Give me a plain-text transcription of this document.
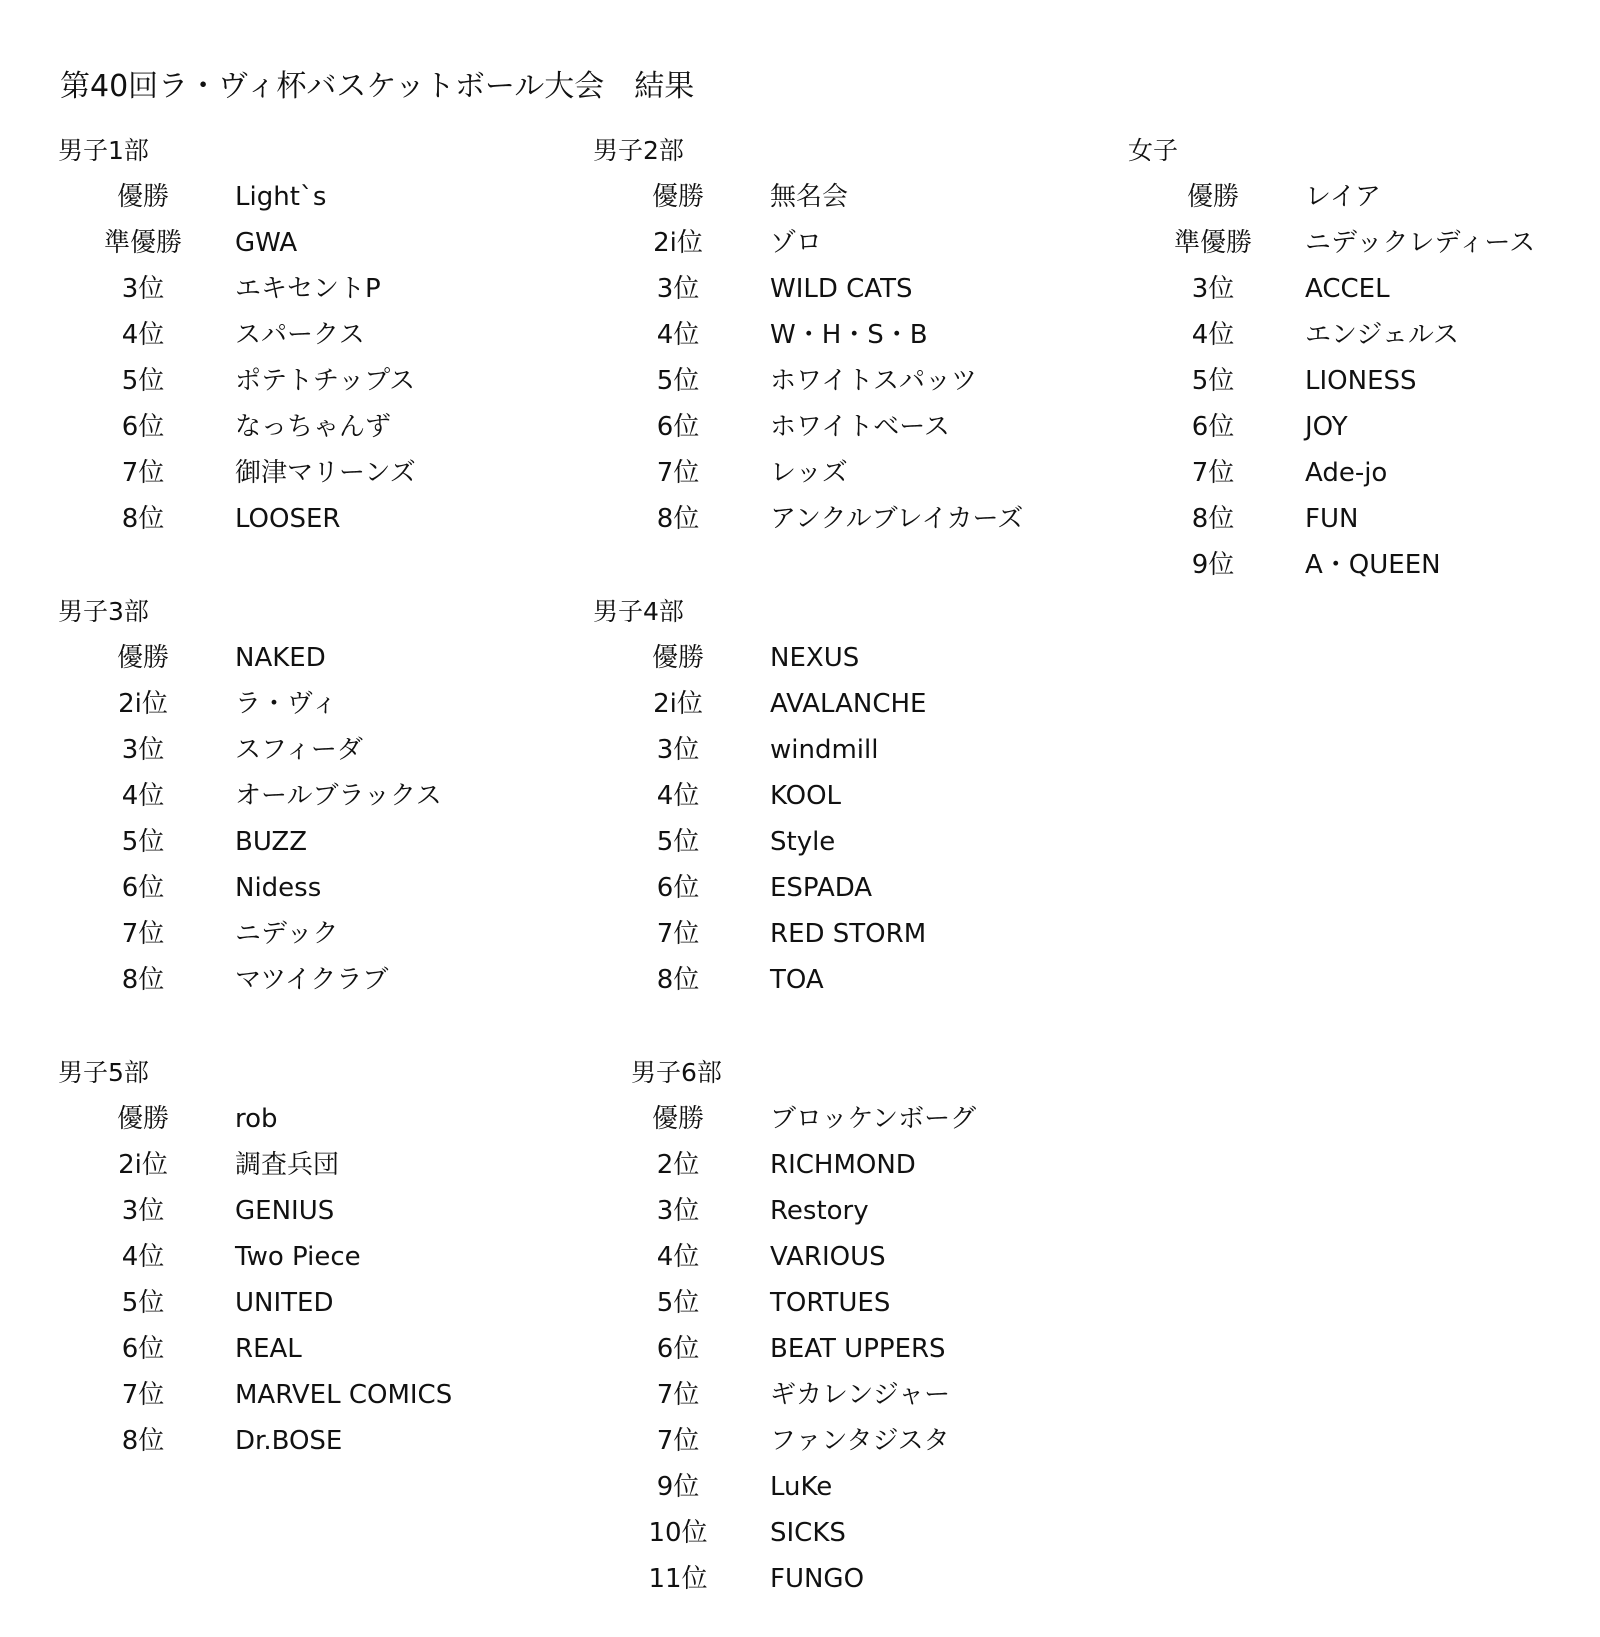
第40回ラ・ヴィ杯バスケットボール大会　結果
男子1部
優勝	Light`s
準優勝	GWA
3位	エキセントP
4位	スパークス
5位	ポテトチップス
6位	なっちゃんず
7位	御津マリーンズ
8位	LOOSER
男子2部
優勝	無名会
2i位	ゾロ
3位	WILD CATS
4位	W・H・S・B
5位	ホワイトスパッツ
6位	ホワイトベース
7位	レッズ
8位	アンクルブレイカーズ
女子
優勝	レイア
準優勝	ニデックレディース
3位	ACCEL
4位	エンジェルス
5位	LIONESS
6位	JOY
7位	Ade-jo
8位	FUN
9位	A・QUEEN
男子3部
優勝	NAKED
2i位	ラ・ヴィ
3位	スフィーダ
4位	オールブラックス
5位	BUZZ
6位	Nidess
7位	ニデック
8位	マツイクラブ
男子4部
優勝	NEXUS
2i位	AVALANCHE
3位	windmill
4位	KOOL
5位	Style
6位	ESPADA
7位	RED STORM
8位	TOA
男子5部
優勝	rob
2i位	調査兵団
3位	GENIUS
4位	Two Piece
5位	UNITED
6位	REAL
7位	MARVEL COMICS
8位	Dr.BOSE
男子6部
優勝	ブロッケンボーグ
2位	RICHMOND
3位	Restory
4位	VARIOUS
5位	TORTUES
6位	BEAT UPPERS
7位	ギカレンジャー
7位	ファンタジスタ
9位	LuKe
10位	SICKS
11位	FUNGO
